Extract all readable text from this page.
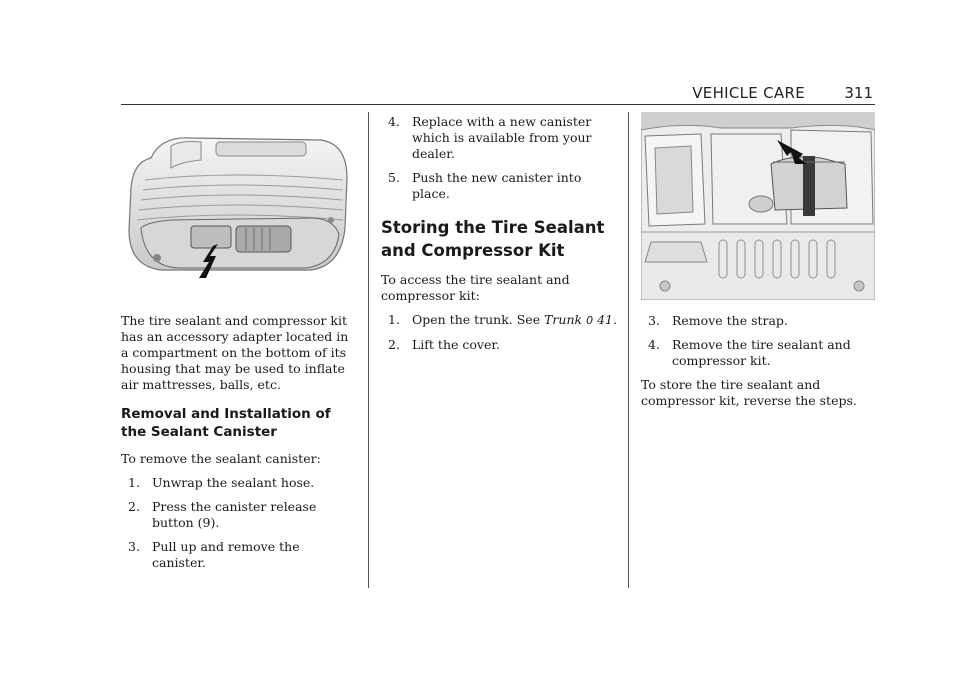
VEHICLE CARE	311

The tire sealant and compressor kit has an accessory adapter located in a compartment on the bottom of its housing that may be used to inflate air mattresses, balls, etc.

Removal and Installation of the Sealant Canister

To remove the sealant canister:

1. Unwrap the sealant hose.
2. Press the canister release button (9).
3. Pull up and remove the canister.
4. Replace with a new canister which is available from your dealer.
5. Push the new canister into place.
Storing the Tire Sealant and Compressor Kit

To access the tire sealant and compressor kit:

1. Open the trunk. See Trunk 0 41.
2. Lift the cover.
3. Remove the strap.
4. Remove the tire sealant and compressor kit.

To store the tire sealant and compressor kit, reverse the steps.
